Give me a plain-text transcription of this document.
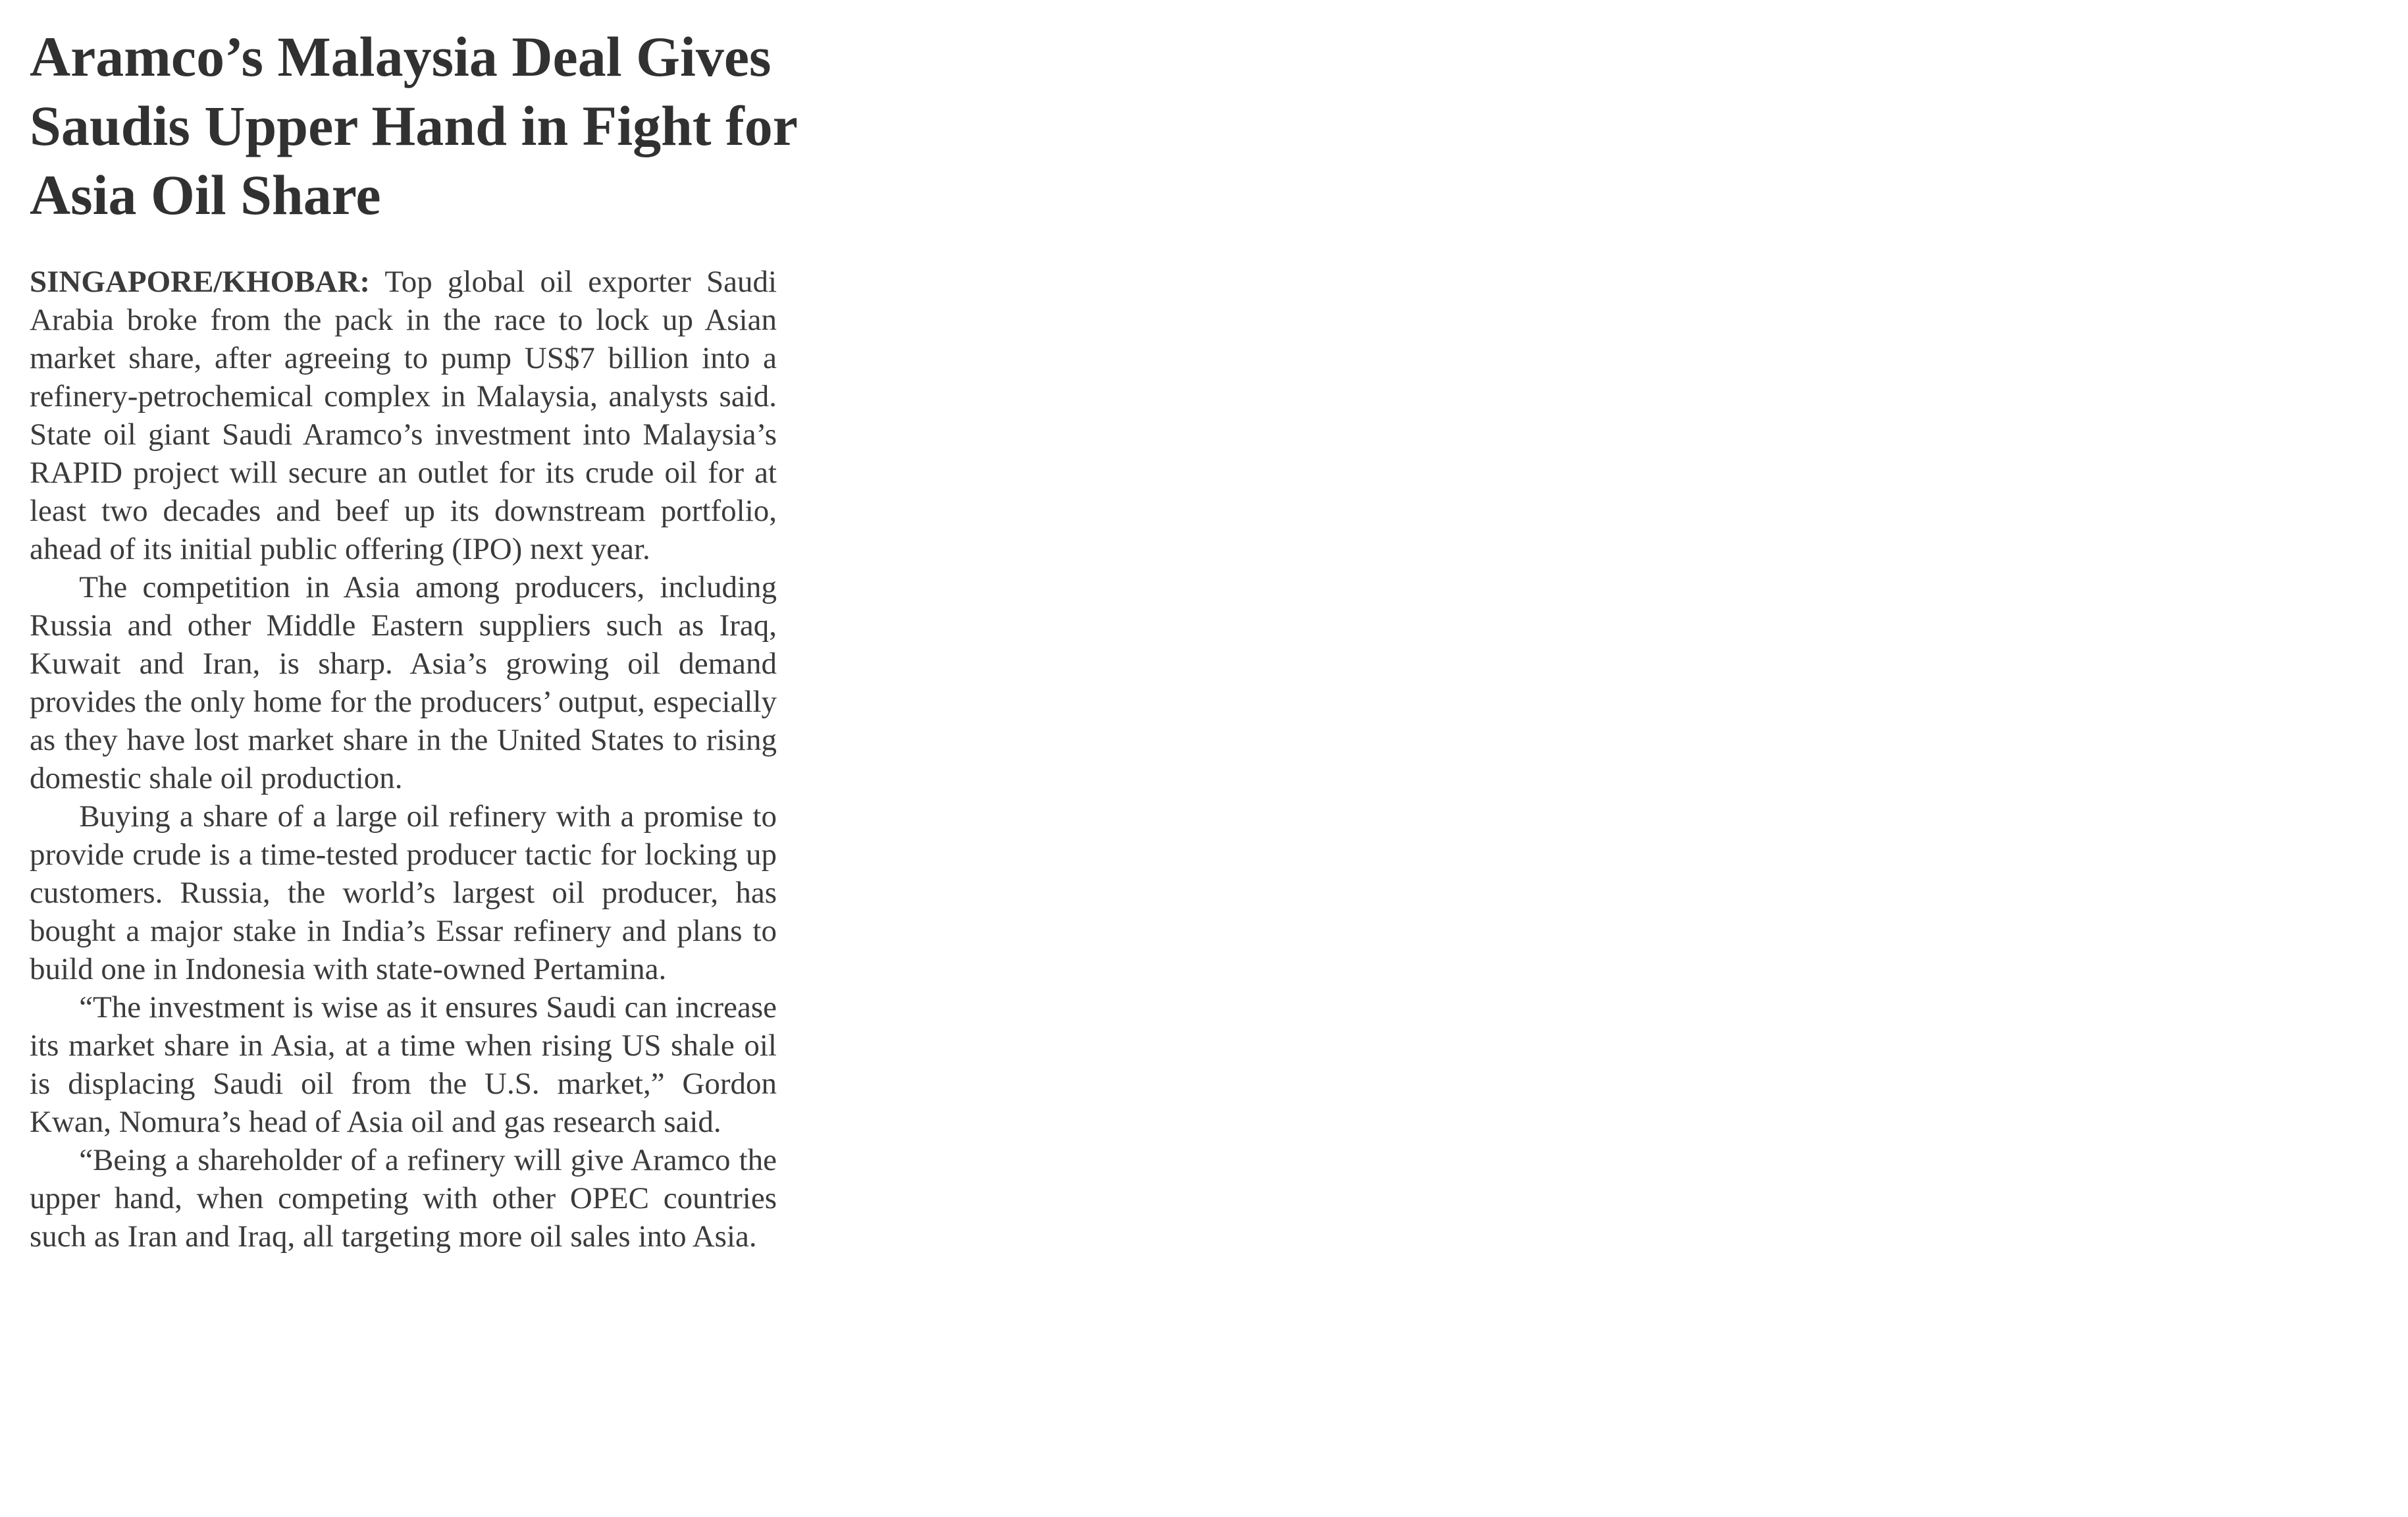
Aramco’s Malaysia Deal Gives
Saudis Upper Hand in Fight for
Asia Oil Share

SINGAPORE/KHOBAR: Top global oil exporter Saudi Arabia broke from the pack in the race to lock up Asian market share, after agreeing to pump US$7 billion into a refinery-petrochemical complex in Malaysia, analysts said. State oil giant Saudi Aramco’s investment into Malaysia’s RAPID project will secure an outlet for its crude oil for at least two decades and beef up its downstream portfolio, ahead of its initial public offering (IPO) next year.

The competition in Asia among producers, including Russia and other Middle Eastern suppliers such as Iraq, Kuwait and Iran, is sharp. Asia’s growing oil demand provides the only home for the producers’ output, especially as they have lost market share in the United States to rising domestic shale oil production.

Buying a share of a large oil refinery with a promise to provide crude is a time-tested producer tactic for locking up customers. Russia, the world’s largest oil producer, has bought a major stake in India’s Essar refinery and plans to build one in Indonesia with state-owned Pertamina.

“The investment is wise as it ensures Saudi can increase its market share in Asia, at a time when rising US shale oil is displacing Saudi oil from the U.S. market,” Gordon Kwan, Nomura’s head of Asia oil and gas research said.

“Being a shareholder of a refinery will give Aramco the upper hand, when competing with other OPEC countries such as Iran and Iraq, all targeting more oil sales into Asia.
